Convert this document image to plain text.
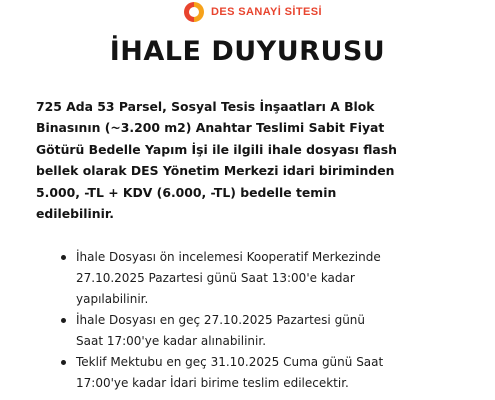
DES SANAYİ SİTESİ
İHALE DUYURUSU
725 Ada 53 Parsel, Sosyal Tesis İnşaatları A Blok
Binasının (~3.200 m2) Anahtar Teslimi Sabit Fiyat
Götürü Bedelle Yapım İşi ile ilgili ihale dosyası flash
bellek olarak DES Yönetim Merkezi idari biriminden
5.000, -TL + KDV (6.000, -TL) bedelle temin
edilebilinir.
İhale Dosyası ön incelemesi Kooperatif Merkezinde
27.10.2025 Pazartesi günü Saat 13:00'e kadar
yapılabilinir.
İhale Dosyası en geç 27.10.2025 Pazartesi günü
Saat 17:00'ye kadar alınabilinir.
Teklif Mektubu en geç 31.10.2025 Cuma günü Saat
17:00'ye kadar İdari birime teslim edilecektir.
